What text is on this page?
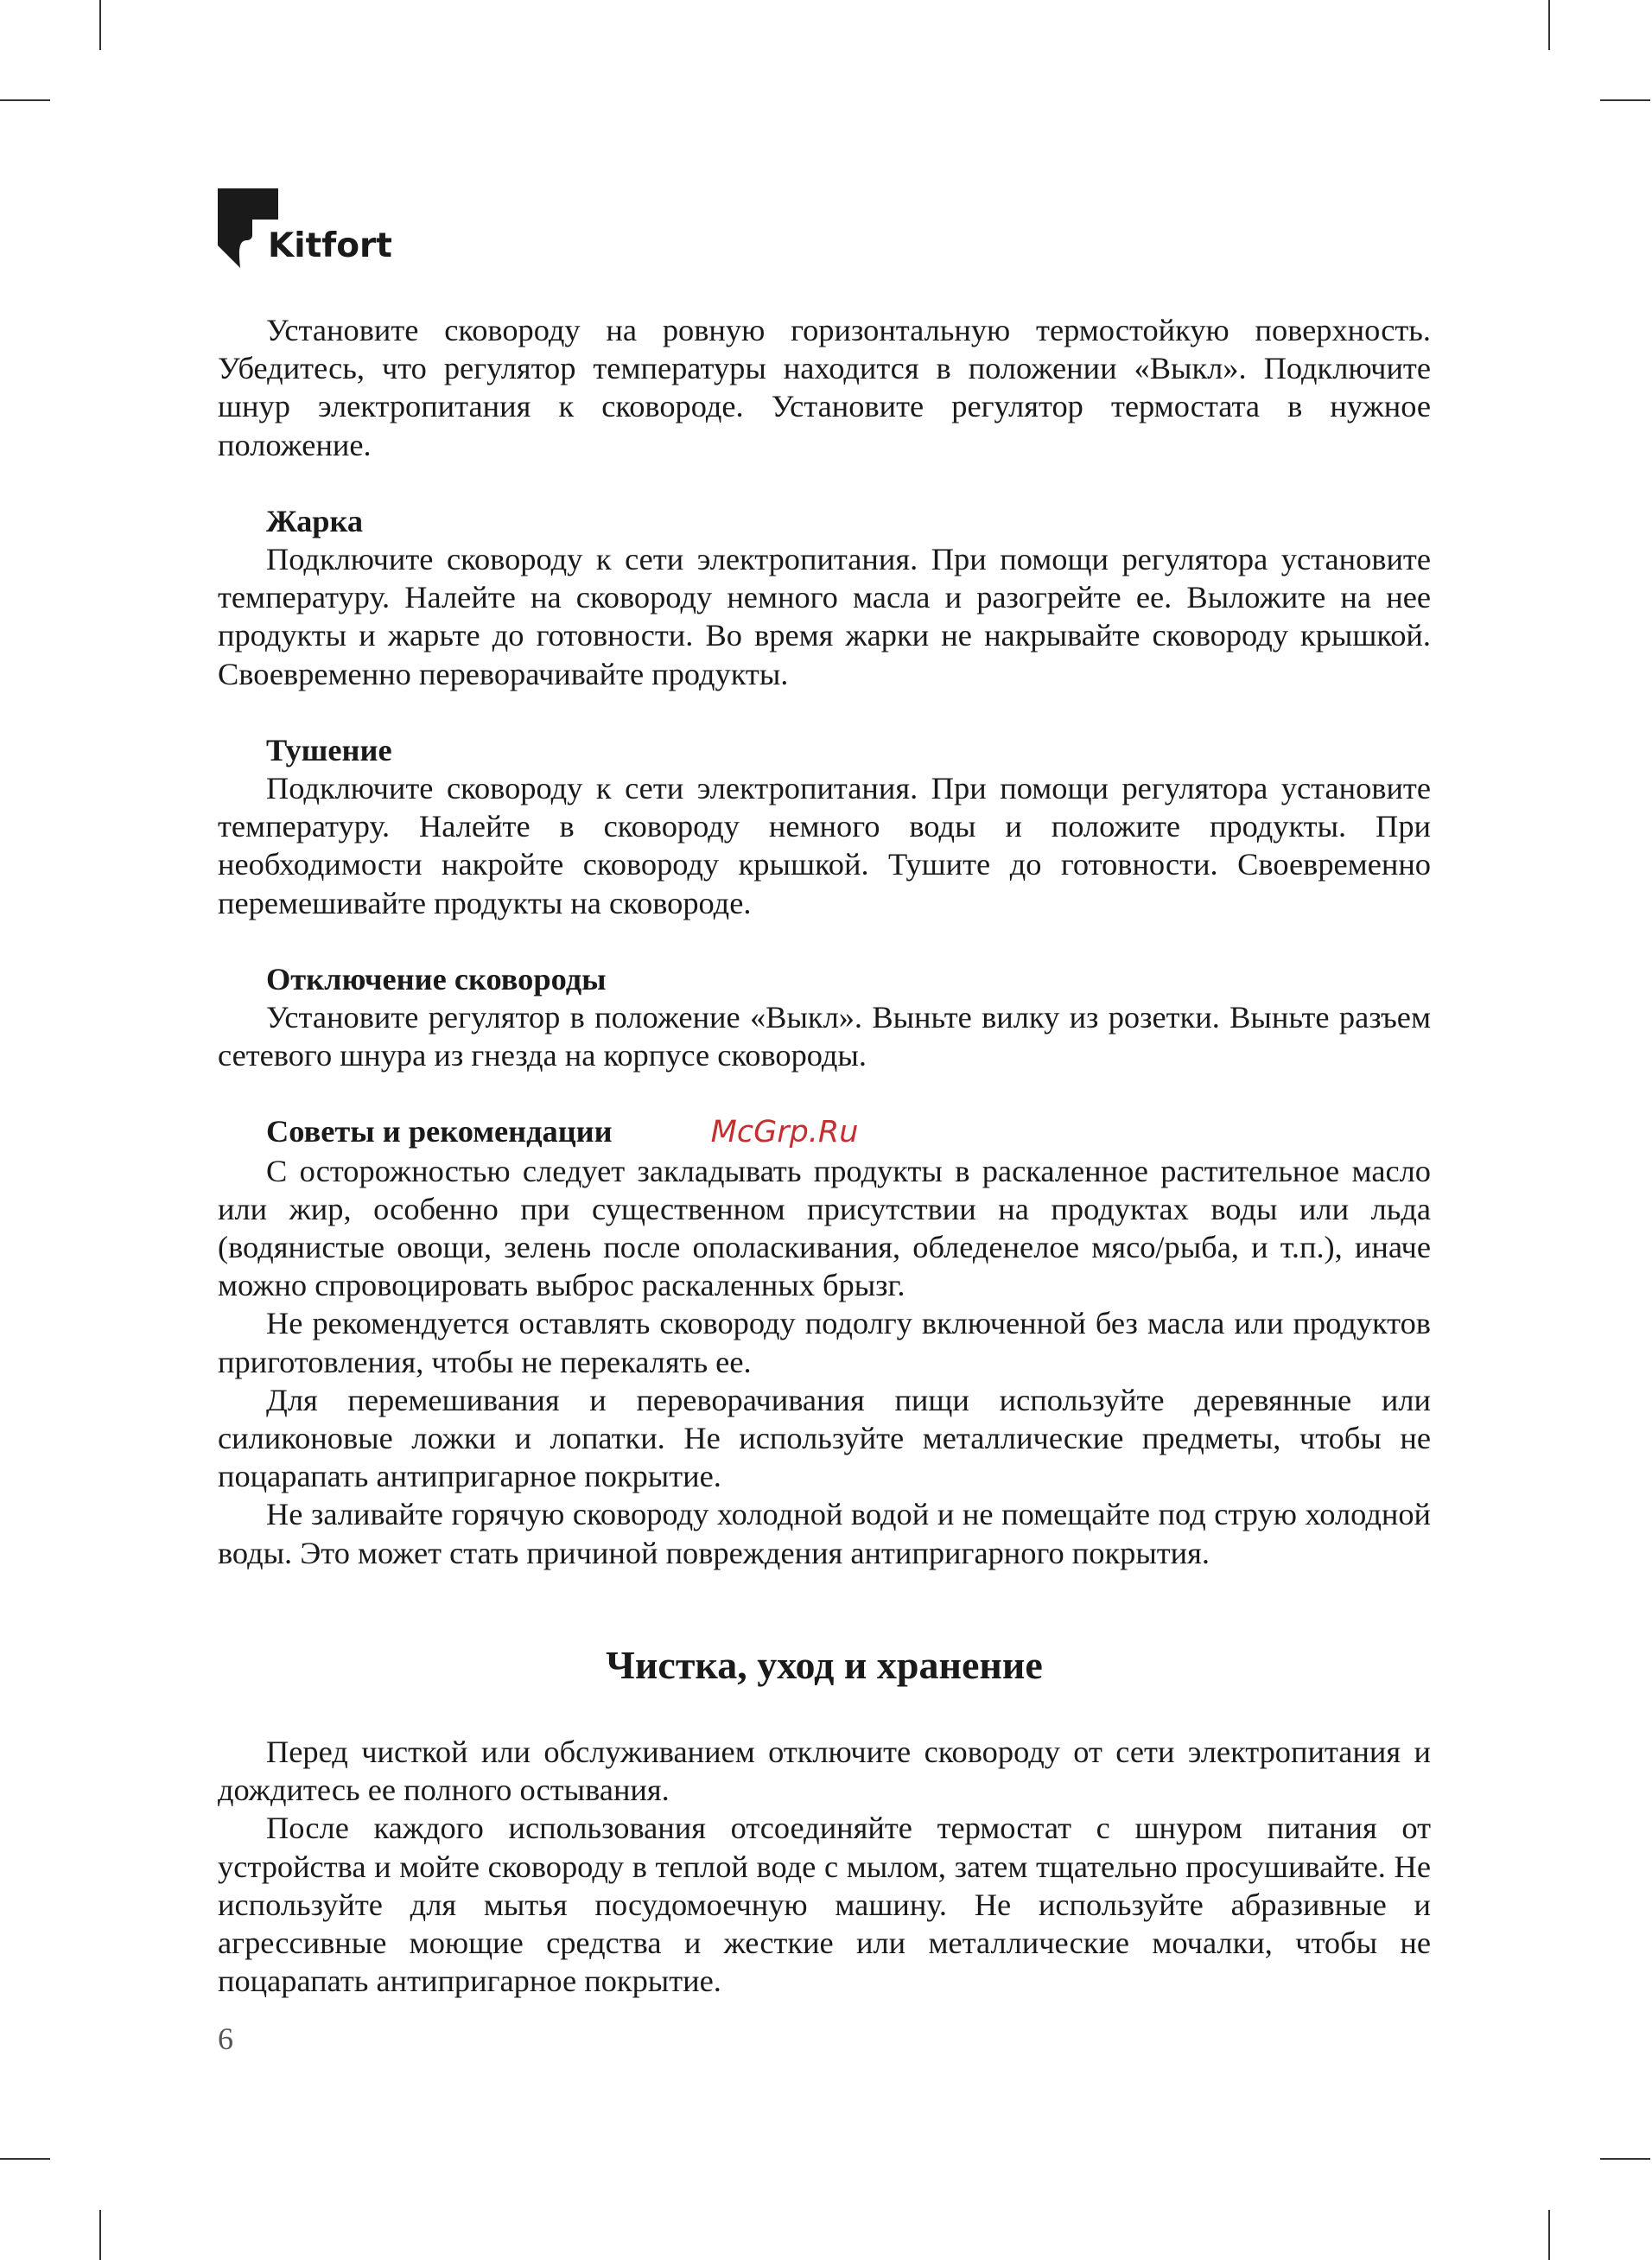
Kitfort

Установите сковороду на ровную горизонтальную термостойкую поверхность. Убедитесь, что регулятор температуры находится в положении «Выкл». Подключите шнур электропитания к сковороде. Установите регулятор термостата в нужное положение.

Жарка

Подключите сковороду к сети электропитания. При помощи регулятора установите температуру. Налейте на сковороду немного масла и разогрейте ее. Выложите на нее продукты и жарьте до готовности. Во время жарки не накрывайте сковороду крышкой. Своевременно переворачивайте продукты.

Тушение

Подключите сковороду к сети электропитания. При помощи регулятора установите температуру. Налейте в сковороду немного воды и положите продукты. При необходимости накройте сковороду крышкой. Тушите до готовности. Своевременно перемешивайте продукты на сковороде.

Отключение сковороды

Установите регулятор в положение «Выкл». Выньте вилку из розетки. Выньте разъем сетевого шнура из гнезда на корпусе сковороды.

Советы и рекомендации	McGrp.Ru

С осторожностью следует закладывать продукты в раскаленное растительное масло или жир, особенно при существенном присутствии на продуктах воды или льда (водянистые овощи, зелень после ополаскивания, обледенелое мясо/рыба, и т.п.), иначе можно спровоцировать выброс раскаленных брызг.

Не рекомендуется оставлять сковороду подолгу включенной без масла или продуктов приготовления, чтобы не перекалять ее.

Для перемешивания и переворачивания пищи используйте деревянные или силиконовые ложки и лопатки. Не используйте металлические предметы, чтобы не поцарапать антипригарное покрытие.

Не заливайте горячую сковороду холодной водой и не помещайте под струю холодной воды. Это может стать причиной повреждения антипригарного покрытия.

Чистка, уход и хранение

Перед чисткой или обслуживанием отключите сковороду от сети электропитания и дождитесь ее полного остывания.

После каждого использования отсоединяйте термостат с шнуром питания от устройства и мойте сковороду в теплой воде с мылом, затем тщательно просушивайте. Не используйте для мытья посудомоечную машину. Не используйте абразивные и агрессивные моющие средства и жесткие или металлические мочалки, чтобы не поцарапать антипригарное покрытие.

6
